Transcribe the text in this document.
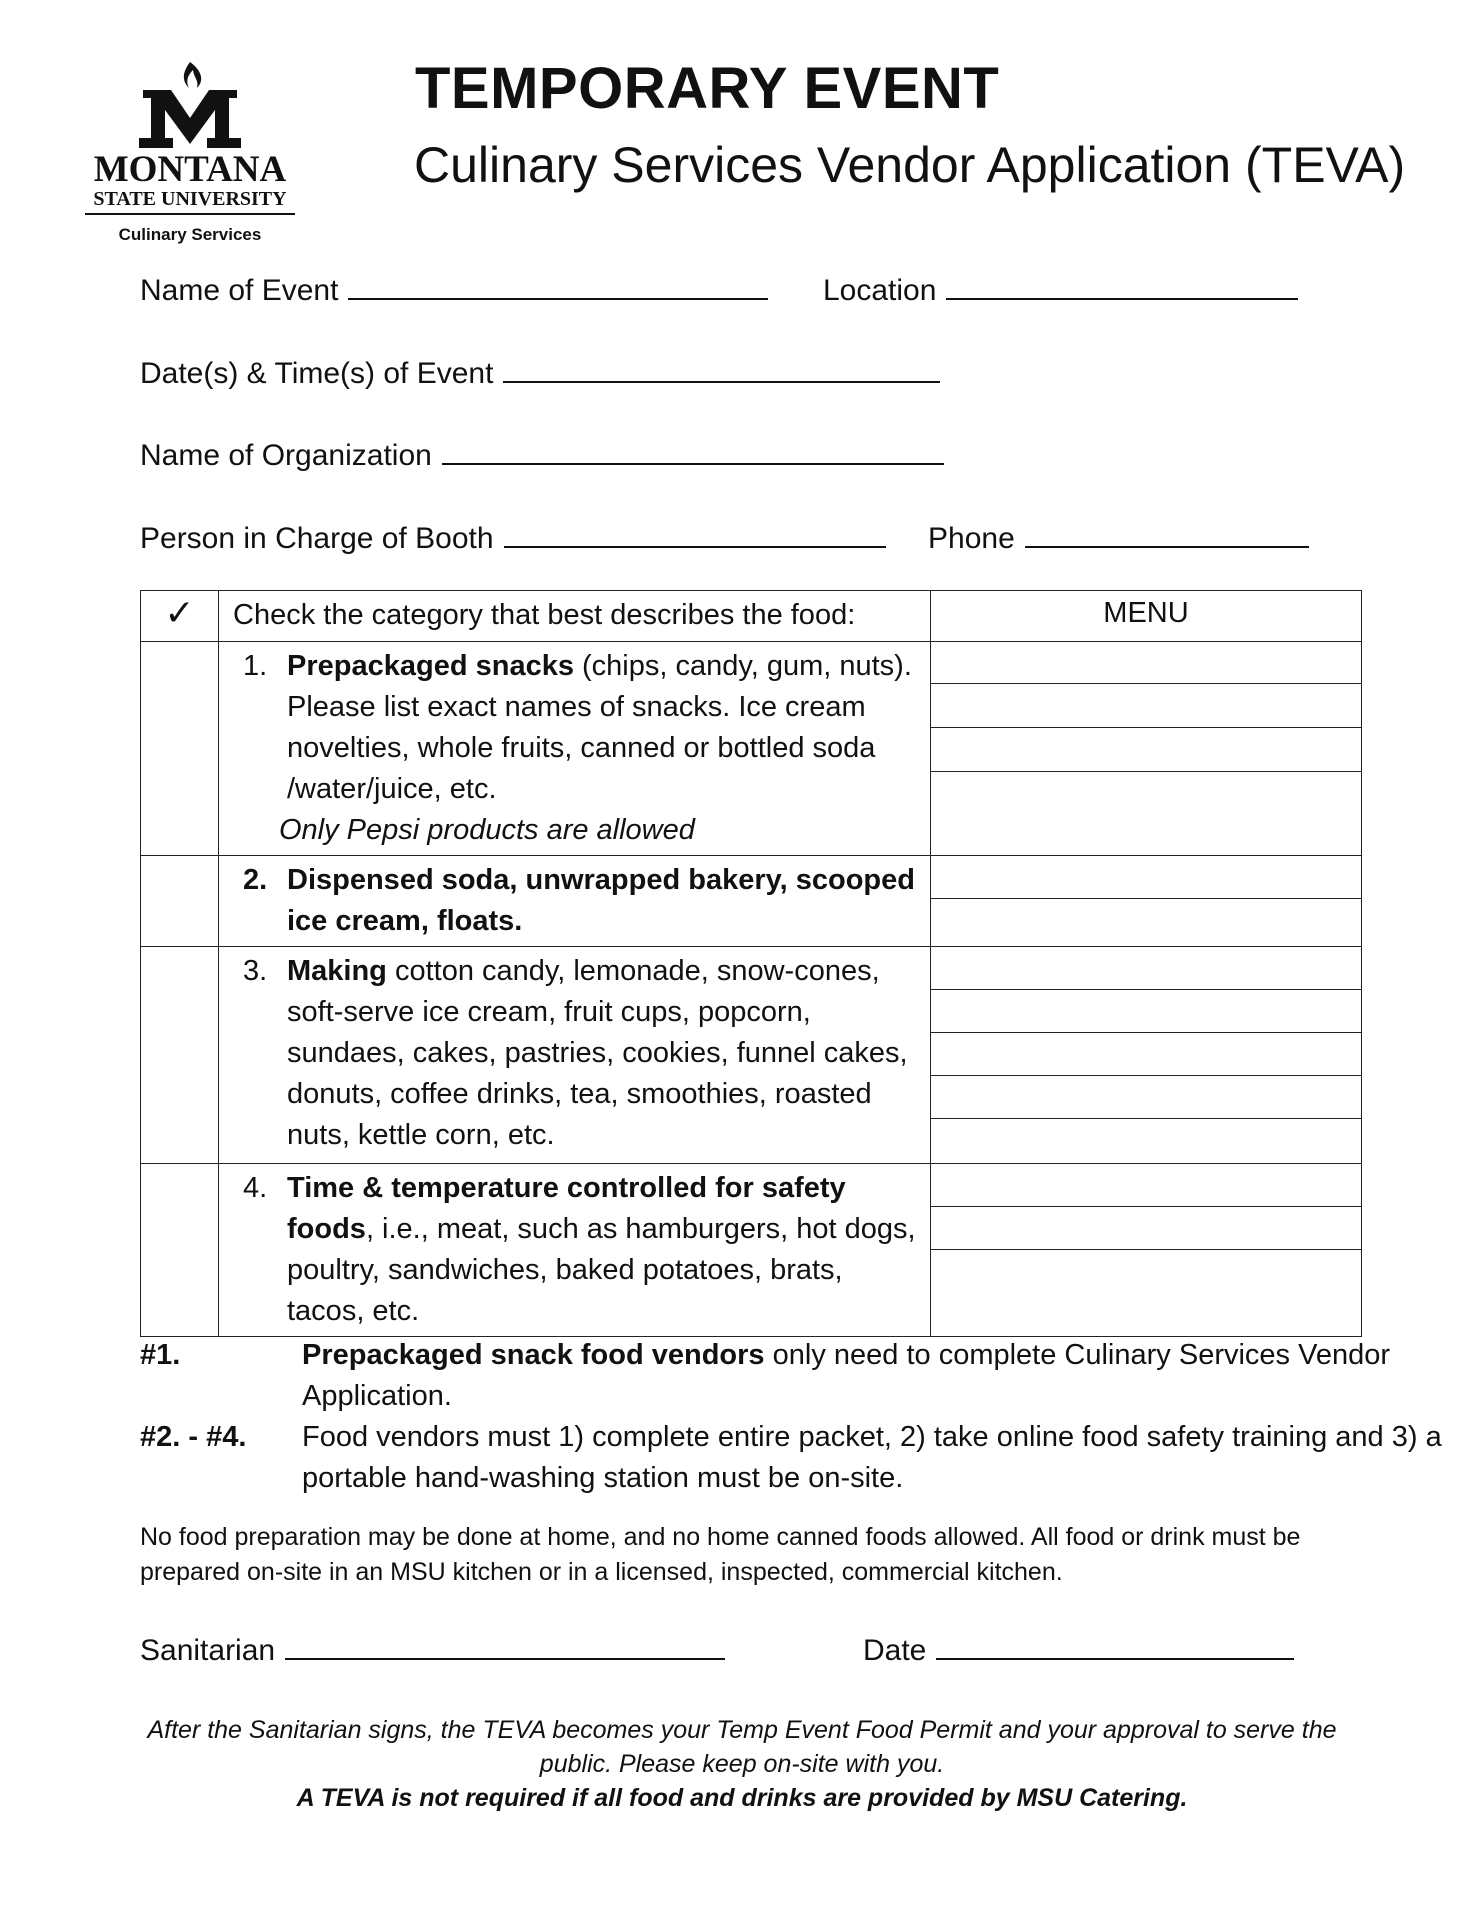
MONTANA
STATE UNIVERSITY
Culinary Services
TEMPORARY EVENT
Culinary Services Vendor Application (TEVA)
Name of Event	Location
Date(s) & Time(s) of Event
Name of Organization
Person in Charge of Booth	Phone
✓	Check the category that best describes the food:	MENU

	1. Prepackaged snacks (chips, candy, gum, nuts). Please list exact names of snacks. Ice cream novelties, whole fruits, canned or bottled soda /water/juice, etc.
Only Pepsi products are allowed	

	2. Dispensed soda, unwrapped bakery, scooped ice cream, floats.	

	3. Making cotton candy, lemonade, snow-cones, soft-serve ice cream, fruit cups, popcorn, sundaes, cakes, pastries, cookies, funnel cakes, donuts, coffee drinks, tea, smoothies, roasted nuts, kettle corn, etc.	

	4. Time & temperature controlled for safety foods, i.e., meat, such as hamburgers, hot dogs, poultry, sandwiches, baked potatoes, brats, tacos, etc.	

#1.	Prepackaged snack food vendors only need to complete Culinary Services Vendor Application.
#2. - #4. Food vendors must 1) complete entire packet, 2) take online food safety training and 3) a portable hand-washing station must be on-site.
No food preparation may be done at home, and no home canned foods allowed. All food or drink must be prepared on-site in an MSU kitchen or in a licensed, inspected, commercial kitchen.
Sanitarian	Date
After the Sanitarian signs, the TEVA becomes your Temp Event Food Permit and your approval to serve the public. Please keep on-site with you.
A TEVA is not required if all food and drinks are provided by MSU Catering.
